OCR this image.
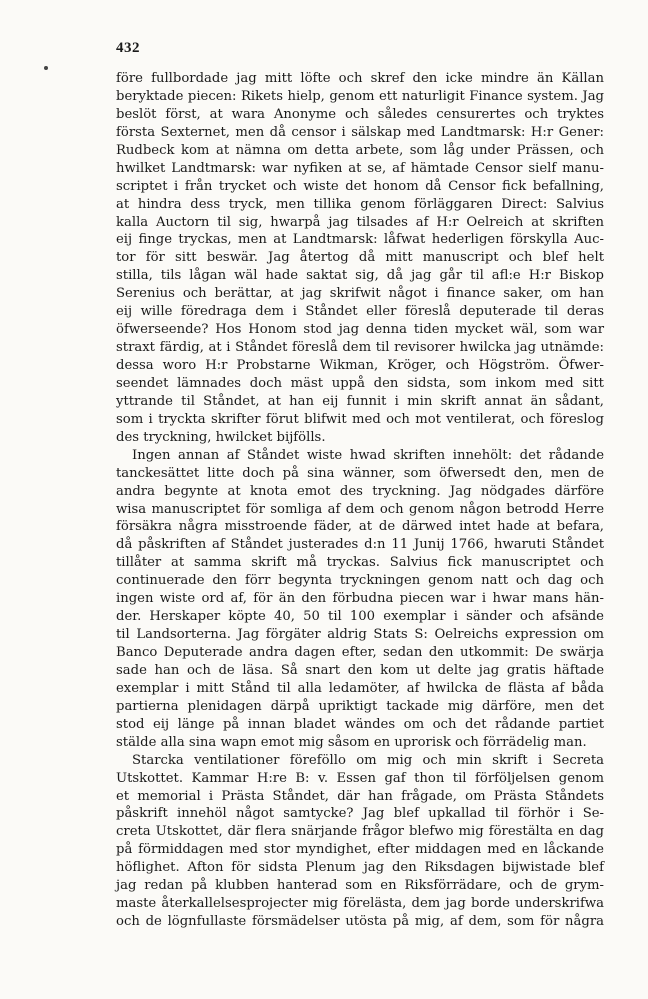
432
före fullbordade jag mitt löfte och skref den icke mindre än Källan
beryktade piecen: Rikets hielp, genom ett naturligit Finance system. Jag
beslöt först, at wara Anonyme och således censurertes och tryktes
första Sexternet, men då censor i sälskap med Landtmarsk: H:r Gener:
Rudbeck kom at nämna om detta arbete, som låg under Prässen, och
hwilket Landtmarsk: war nyfiken at se, af hämtade Censor sielf manu-
scriptet i från trycket och wiste det honom då Censor fick befallning,
at hindra dess tryck, men tillika genom förläggaren Direct: Salvius
kalla Auctorn til sig, hwarpå jag tilsades af H:r Oelreich at skriften
eij finge tryckas, men at Landtmarsk: låfwat hederligen förskylla Auc-
tor för sitt beswär. Jag återtog då mitt manuscript och blef helt
stilla, tils lågan wäl hade saktat sig, då jag går til afl:e H:r Biskop
Serenius och berättar, at jag skrifwit något i finance saker, om han
eij wille föredraga dem i Ståndet eller föreslå deputerade til deras
öfwerseende? Hos Honom stod jag denna tiden mycket wäl, som war
straxt färdig, at i Ståndet föreslå dem til revisorer hwilcka jag utnämde:
dessa woro H:r Probstarne Wikman, Kröger, och Högström. Öfwer-
seendet lämnades doch mäst uppå den sidsta, som inkom med sitt
yttrande til Ståndet, at han eij funnit i min skrift annat än sådant,
som i tryckta skrifter förut blifwit med och mot ventilerat, och föreslog
des tryckning, hwilcket bijfölls.
Ingen annan af Ståndet wiste hwad skriften innehölt: det rådande
tanckesättet litte doch på sina wänner, som öfwersedt den, men de
andra begynte at knota emot des tryckning. Jag nödgades därföre
wisa manuscriptet för somliga af dem och genom någon betrodd Herre
försäkra några misstroende fäder, at de därwed intet hade at befara,
då påskriften af Ståndet justerades d:n 11 Junij 1766, hwaruti Ståndet
tillåter at samma skrift må tryckas. Salvius fick manuscriptet och
continuerade den förr begynta tryckningen genom natt och dag och
ingen wiste ord af, för än den förbudna piecen war i hwar mans hän-
der. Herskaper köpte 40, 50 til 100 exemplar i sänder och afsände
til Landsorterna. Jag förgäter aldrig Stats S: Oelreichs expression om
Banco Deputerade andra dagen efter, sedan den utkommit: De swärja
sade han och de läsa. Så snart den kom ut delte jag gratis häftade
exemplar i mitt Stånd til alla ledamöter, af hwilcka de flästa af båda
partierna plenidagen därpå upriktigt tackade mig därföre, men det
stod eij länge på innan bladet wändes om och det rådande partiet
stälde alla sina wapn emot mig såsom en uprorisk och förrädelig man.
Starcka ventilationer föreföllo om mig och min skrift i Secreta
Utskottet. Kammar H:re B: v. Essen gaf thon til förföljelsen genom
et memorial i Prästa Ståndet, där han frågade, om Prästa Ståndets
påskrift innehöl något samtycke? Jag blef upkallad til förhör i Se-
creta Utskottet, där flera snärjande frågor blefwo mig förestälta en dag
på förmiddagen med stor myndighet, efter middagen med en låckande
höflighet. Afton för sidsta Plenum jag den Riksdagen bijwistade blef
jag redan på klubben hanterad som en Riksförrädare, och de grym-
maste återkallelsesprojecter mig förelästa, dem jag borde underskrifwa
och de lögnfullaste försmädelser utösta på mig, af dem, som för några
